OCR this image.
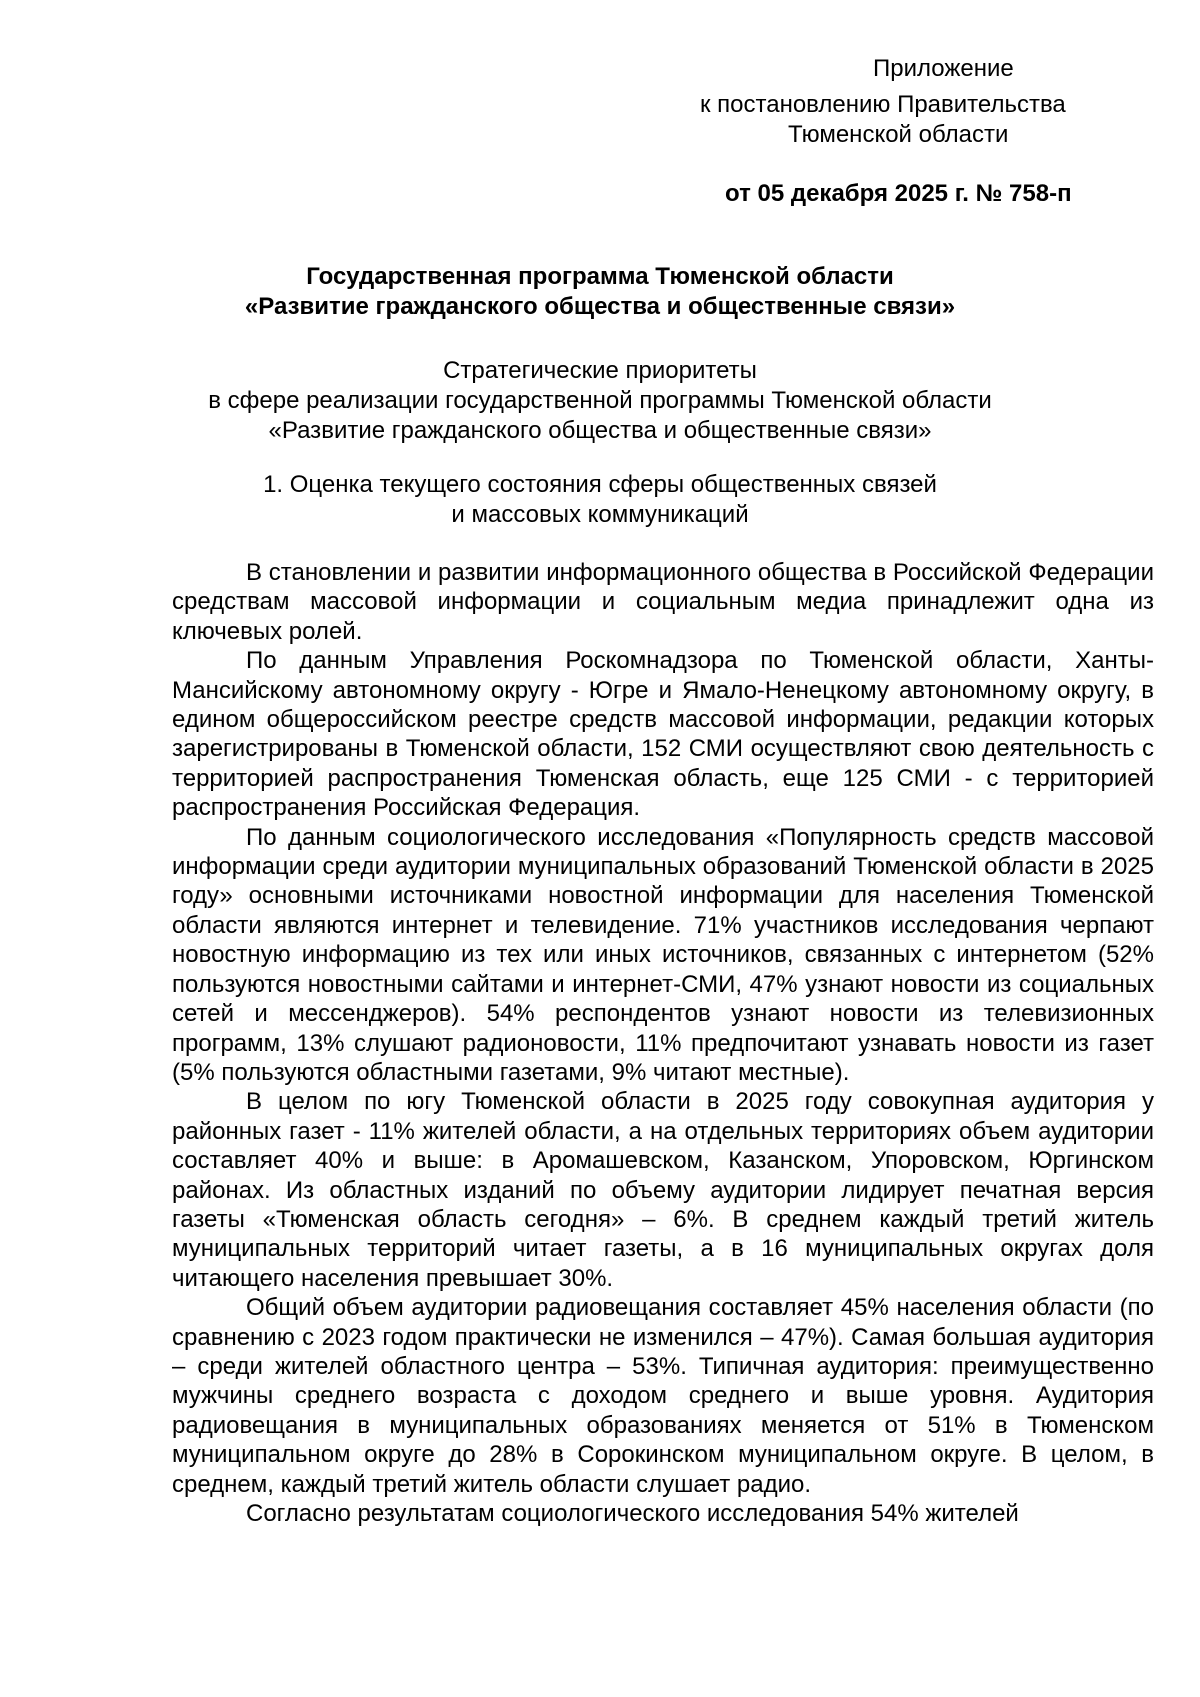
Приложение
к постановлению Правительства
Тюменской области
от 05 декабря 2025 г. № 758-п
Государственная программа Тюменской области
«Развитие гражданского общества и общественные связи»
Стратегические приоритеты
в сфере реализации государственной программы Тюменской области
«Развитие гражданского общества и общественные связи»
1. Оценка текущего состояния сферы общественных связей
и массовых коммуникаций

В становлении и развитии информационного общества в Российской Федерации средствам массовой информации и социальным медиа принадлежит одна из ключевых ролей.

По данным Управления Роскомнадзора по Тюменской области, Ханты-Мансийскому автономному округу - Югре и Ямало-Ненецкому автономному округу, в едином общероссийском реестре средств массовой информации, редакции которых зарегистрированы в Тюменской области, 152 СМИ осуществляют свою деятельность с территорией распространения Тюменская область, еще 125 СМИ - с территорией распространения Российская Федерация.

По данным социологического исследования «Популярность средств массовой информации среди аудитории муниципальных образований Тюменской области в 2025 году» основными источниками новостной информации для населения Тюменской области являются интернет и телевидение. 71% участников исследования черпают новостную информацию из тех или иных источников, связанных с интернетом (52% пользуются новостными сайтами и интернет-СМИ, 47% узнают новости из социальных сетей и мессенджеров). 54% респондентов узнают новости из телевизионных программ, 13% слушают радионовости, 11% предпочитают узнавать новости из газет (5% пользуются областными газетами, 9% читают местные).

В целом по югу Тюменской области в 2025 году совокупная аудитория у районных газет - 11% жителей области, а на отдельных территориях объем аудитории составляет 40% и выше: в Аромашевском, Казанском, Упоровском, Юргинском районах. Из областных изданий по объему аудитории лидирует печатная версия газеты «Тюменская область сегодня» – 6%. В среднем каждый третий житель муниципальных территорий читает газеты, а в 16 муниципальных округах доля читающего населения превышает 30%.

Общий объем аудитории радиовещания составляет 45% населения области (по сравнению с 2023 годом практически не изменился – 47%). Самая большая аудитория – среди жителей областного центра – 53%. Типичная аудитория: преимущественно мужчины среднего возраста с доходом среднего и выше уровня. Аудитория радиовещания в муниципальных образованиях меняется от 51% в Тюменском муниципальном округе до 28% в Сорокинском муниципальном округе. В целом, в среднем, каждый третий житель области слушает радио.

Согласно результатам социологического исследования 54% жителей
